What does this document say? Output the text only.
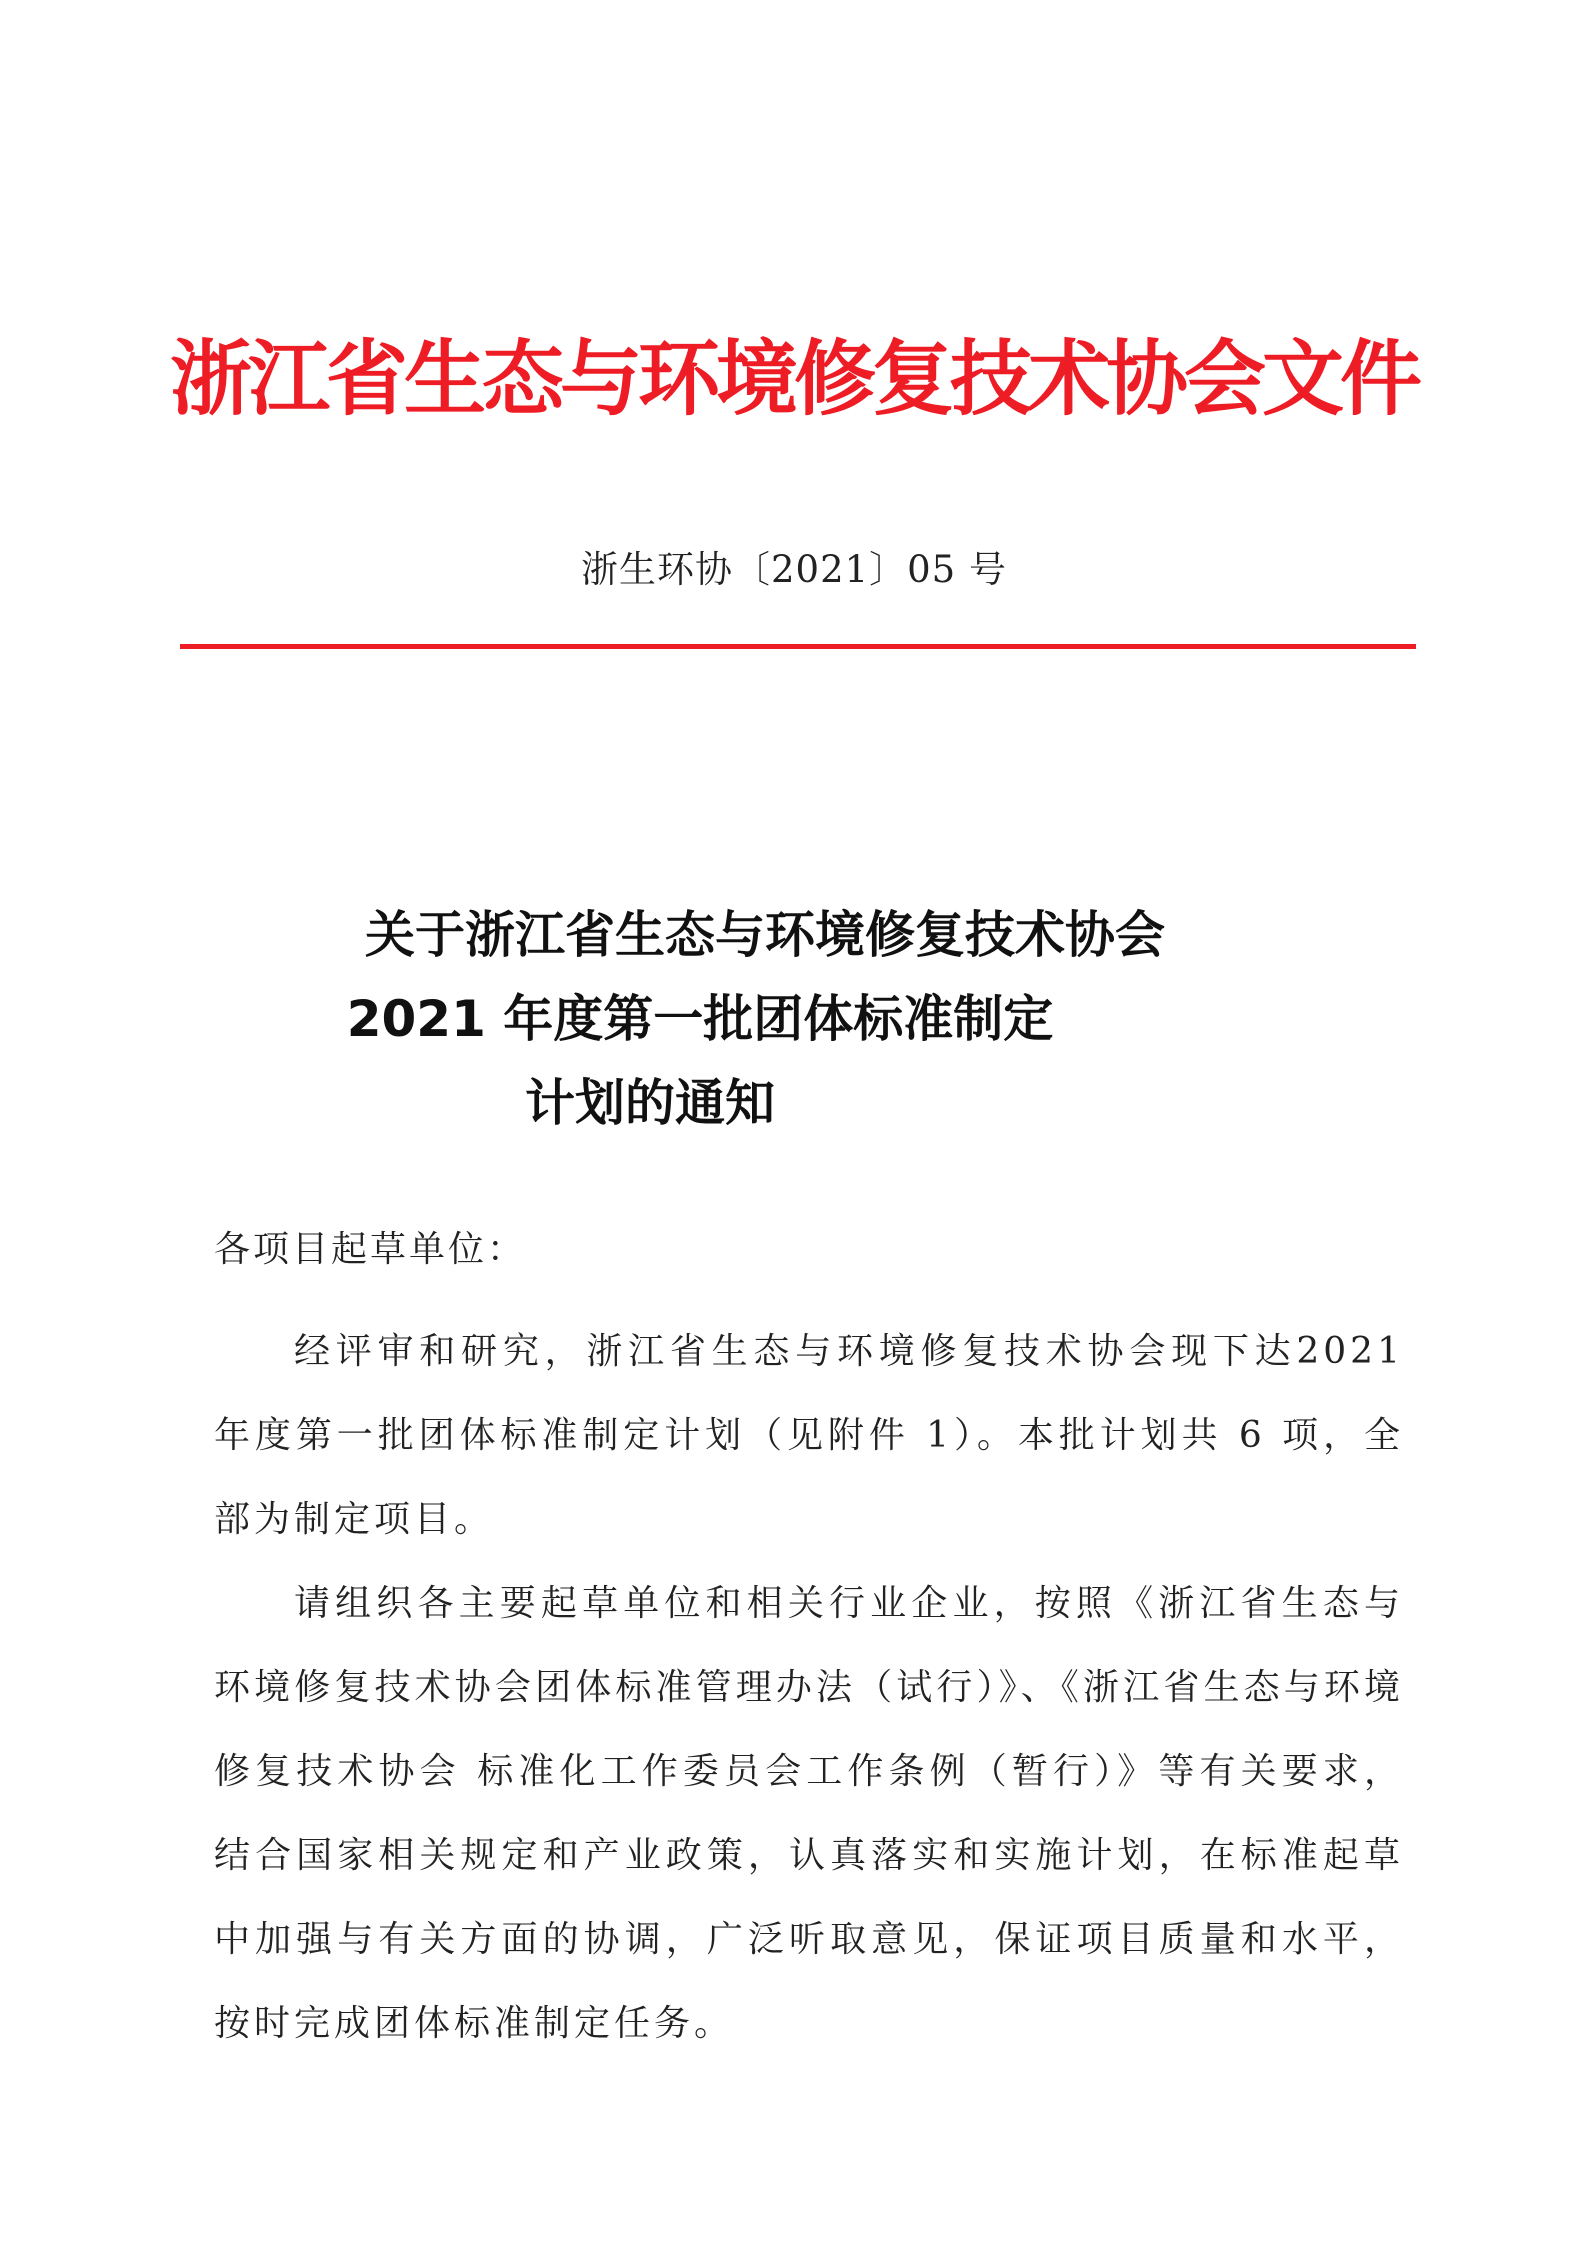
浙江省生态与环境修复技术协会文件
浙生环协〔2021〕05 号
关于浙江省生态与环境修复技术协会
2021 年度第一批团体标准制定
计划的通知
各项目起草单位：

经评审和研究，浙江省生态与环境修复技术协会现下达2021 年度第一批团体标准制定计划（见附件 1）。本批计划共 6 项，全部为制定项目。

请组织各主要起草单位和相关行业企业，按照《浙江省生态与环境修复技术协会团体标准管理办法（试行）》、《浙江省生态与环境修复技术协会 标准化工作委员会工作条例（暂行）》等有关要求，结合国家相关规定和产业政策，认真落实和实施计划，在标准起草中加强与有关方面的协调，广泛听取意见，保证项目质量和水平，按时完成团体标准制定任务。
